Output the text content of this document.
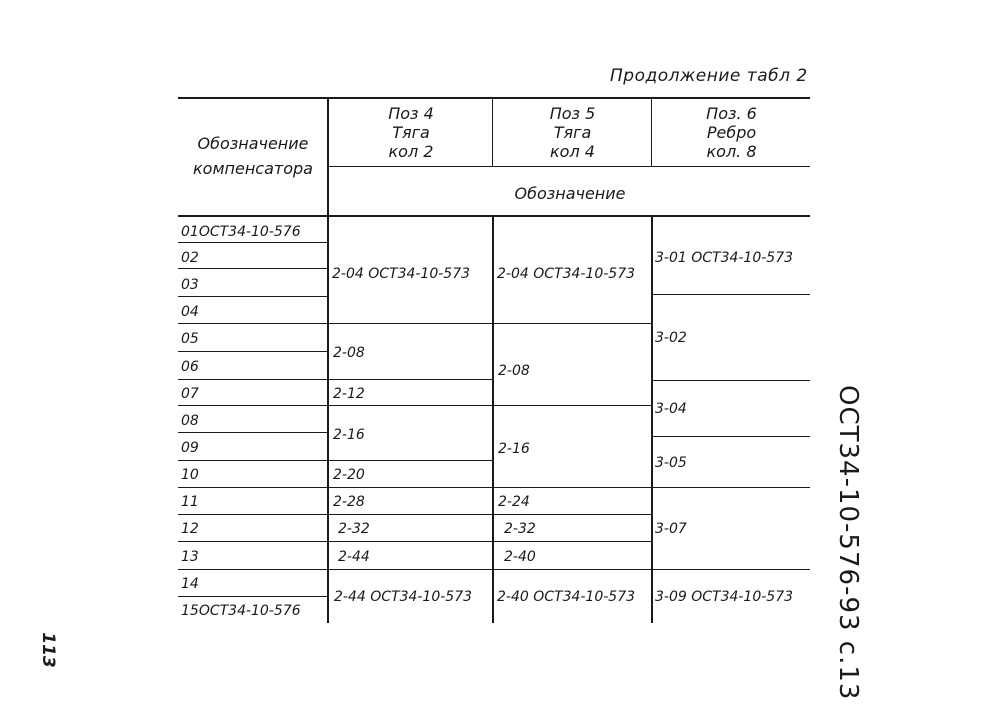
Продолжение табл 2
Обозначение
компенсатора
Поз 4
Тяга
кол 2
Поз 5
Тяга
кол 4
Поз. 6
Ребро
кол. 8
Обозначение
01ОСТ34-10-576
02
03
04
05
06
07
08
09
10
11
12
13
14
15ОСТ34-10-576
2-04 ОСТ34-10-573
2-08
2-12
2-16
2-20
2-28
2-32
2-44
2-44 ОСТ34-10-573
2-04 ОСТ34-10-573
2-08
2-16
2-24
2-32
2-40
2-40 ОСТ34-10-573
3-01 ОСТ34-10-573
3-02
3-04
3-05
3-07
3-09 ОСТ34-10-573 ОСТ34-10-576-93 с.13
113
